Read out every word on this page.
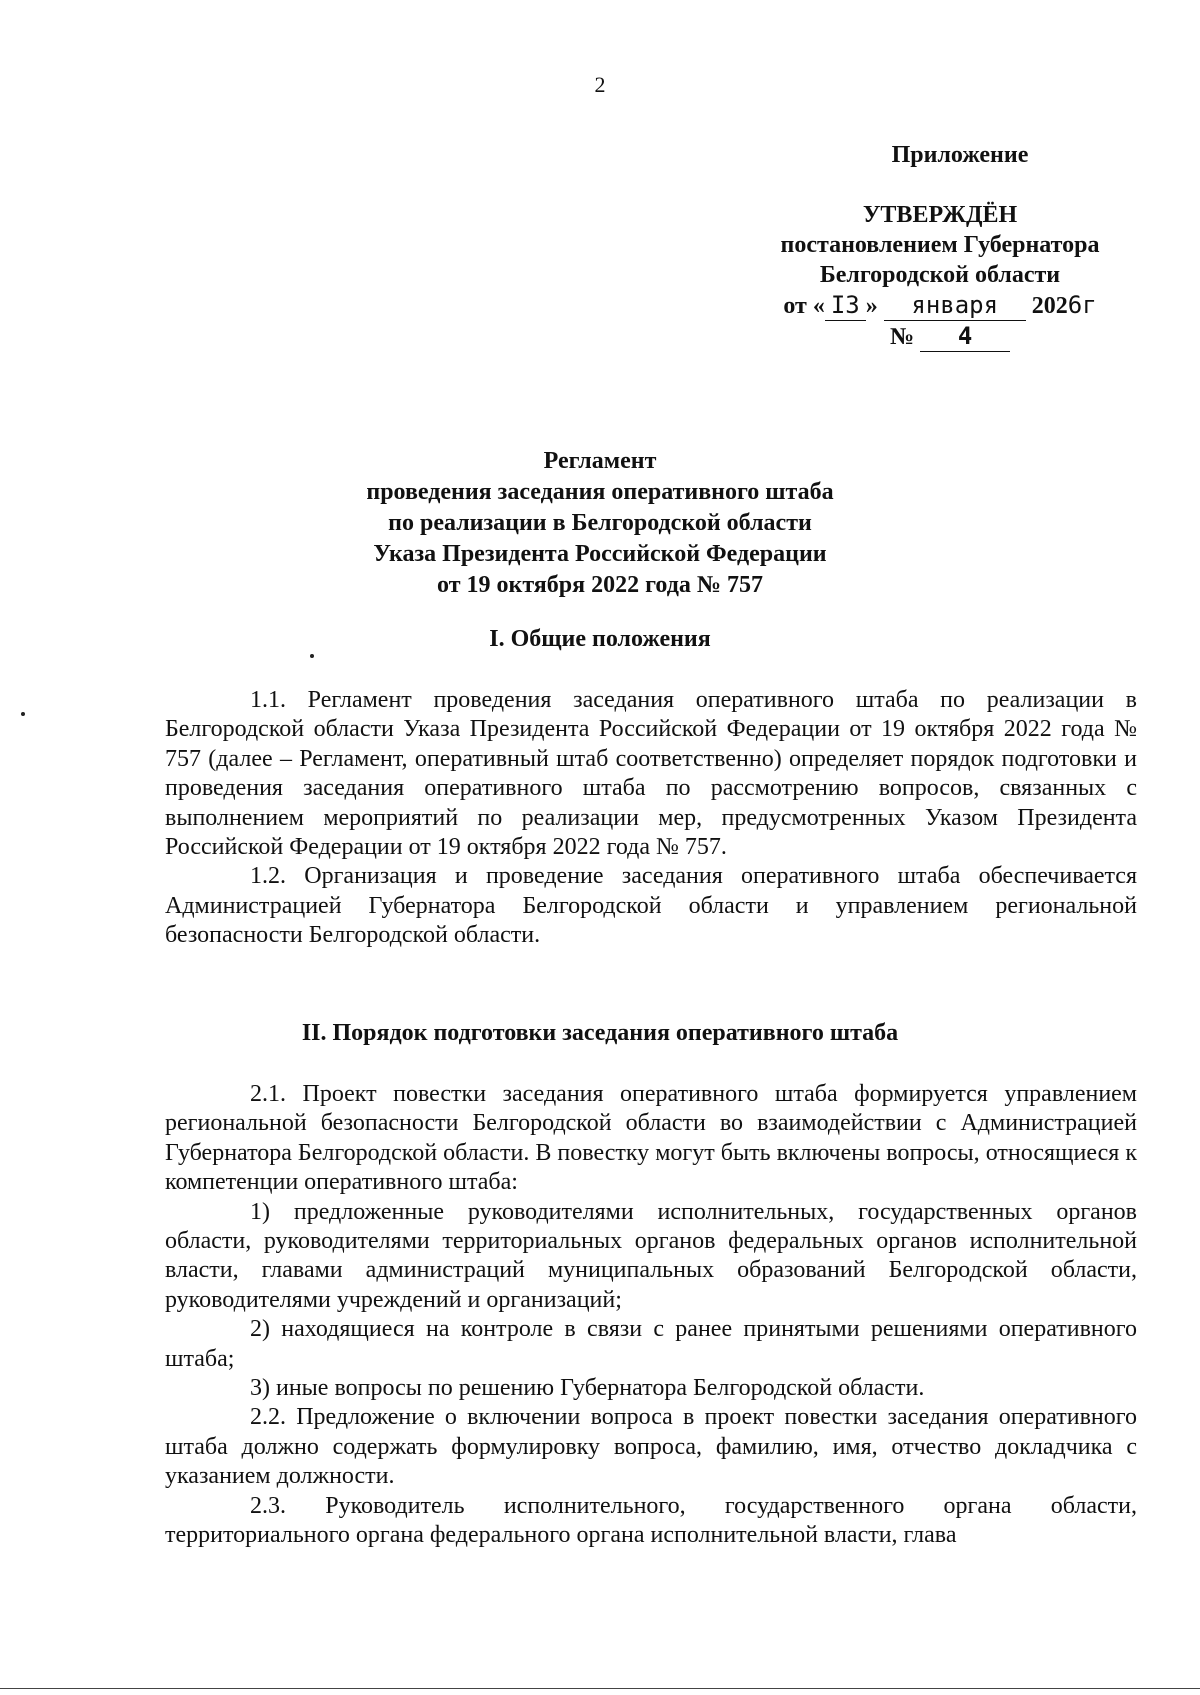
2
Приложение
УТВЕРЖДЁН
постановлением Губернатора
Белгородской области
от « I3 » января 2026г
№ 4
Регламент
проведения заседания оперативного штаба
по реализации в Белгородской области
Указа Президента Российской Федерации
от 19 октября 2022 года № 757
I. Общие положения

1.1. Регламент проведения заседания оперативного штаба по реализации в Белгородской области Указа Президента Российской Федерации от 19 октября 2022 года № 757 (далее – Регламент, оперативный штаб соответственно) определяет порядок подготовки и проведения заседания оперативного штаба по рассмотрению вопросов, связанных с выполнением мероприятий по реализации мер, предусмотренных Указом Президента Российской Федерации от 19 октября 2022 года № 757.

1.2. Организация и проведение заседания оперативного штаба обеспечивается Администрацией Губернатора Белгородской области и управлением региональной безопасности Белгородской области.

II. Порядок подготовки заседания оперативного штаба

2.1. Проект повестки заседания оперативного штаба формируется управлением региональной безопасности Белгородской области во взаимодействии с Администрацией Губернатора Белгородской области. В повестку могут быть включены вопросы, относящиеся к компетенции оперативного штаба:

1) предложенные руководителями исполнительных, государственных органов области, руководителями территориальных органов федеральных органов исполнительной власти, главами администраций муниципальных образований Белгородской области, руководителями учреждений и организаций;

2) находящиеся на контроле в связи с ранее принятыми решениями оперативного штаба;

3) иные вопросы по решению Губернатора Белгородской области.

2.2. Предложение о включении вопроса в проект повестки заседания оперативного штаба должно содержать формулировку вопроса, фамилию, имя, отчество докладчика с указанием должности.

2.3. Руководитель исполнительного, государственного органа области, территориального органа федерального органа исполнительной власти, глава
